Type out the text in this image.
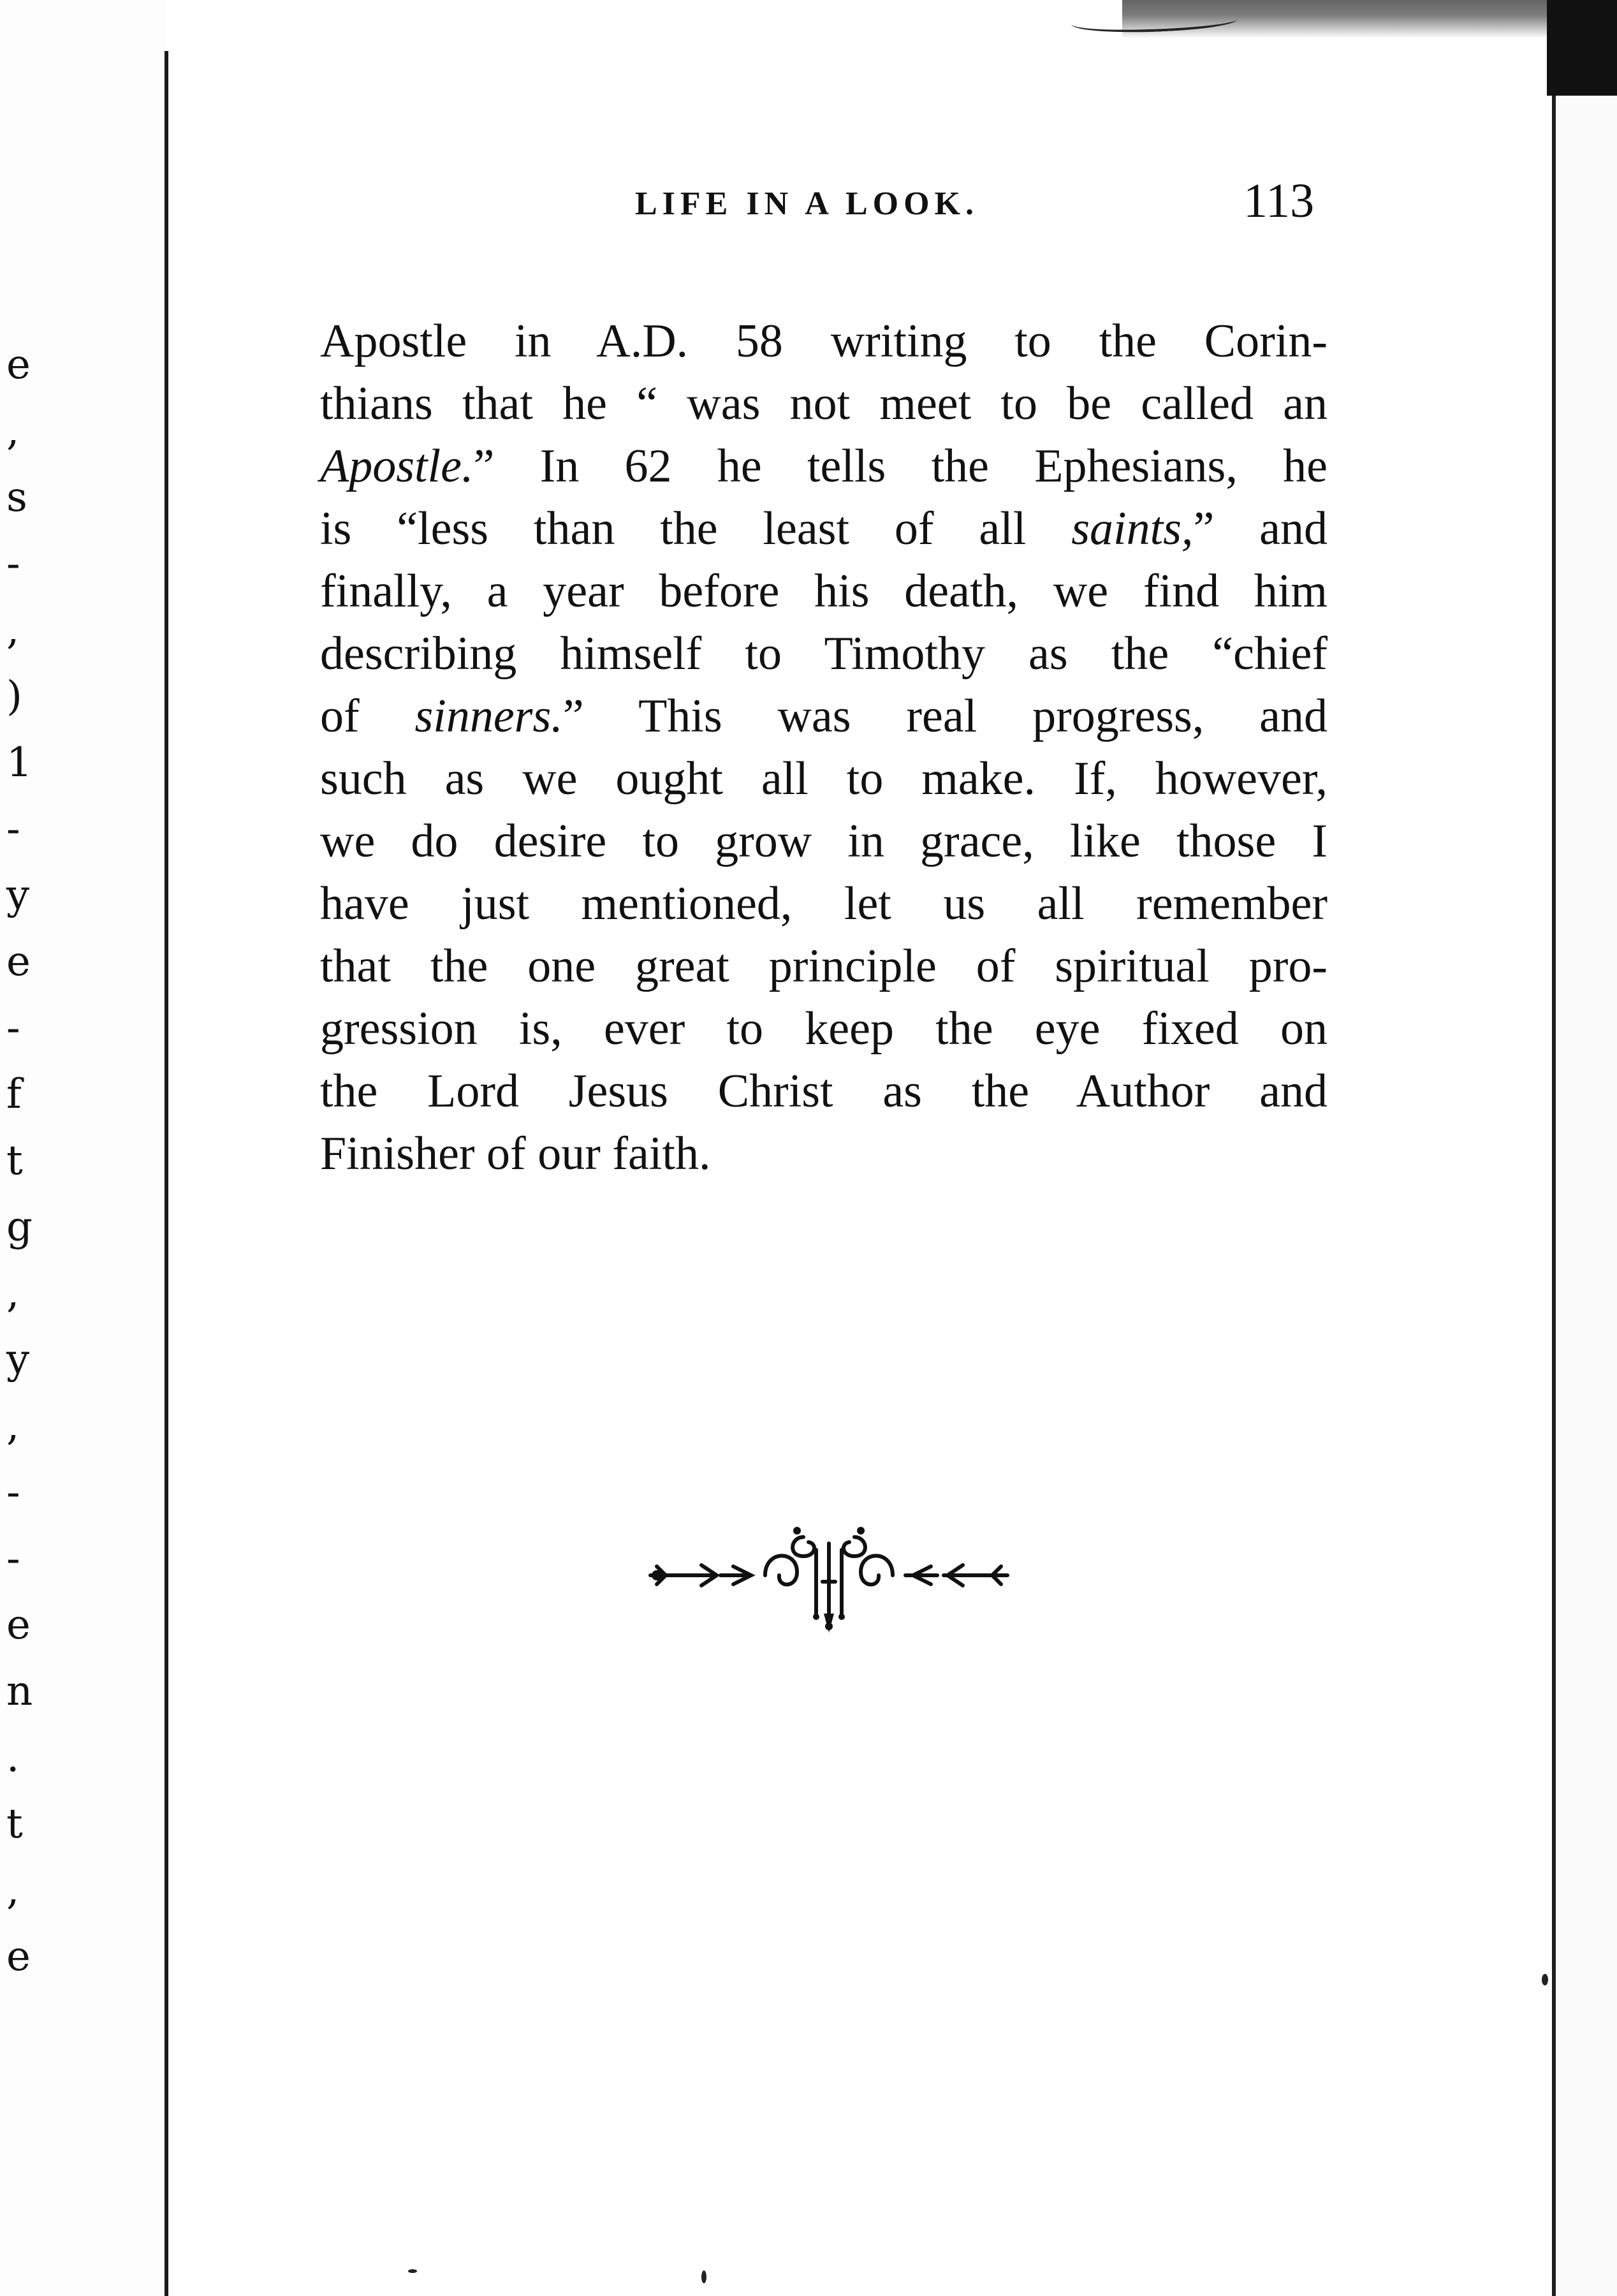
e
,
s
-
,
)
1
-
y
e
-
f
t
g
,
y
,
-
-
e
n
.
t
,
e
LIFE IN A LOOK.	113
Apostle in A.D. 58 writing to the Corin-
thians that he “ was not meet to be called an
Apostle.” In 62 he tells the Ephesians, he
is “less than the least of all saints,” and
finally, a year before his death, we find him
describing himself to Timothy as the “chief
of sinners.” This was real progress, and
such as we ought all to make. If, however,
we do desire to grow in grace, like those I
have just mentioned, let us all remember
that the one great principle of spiritual pro-
gression is, ever to keep the eye fixed on
the Lord Jesus Christ as the Author and
Finisher of our faith.
